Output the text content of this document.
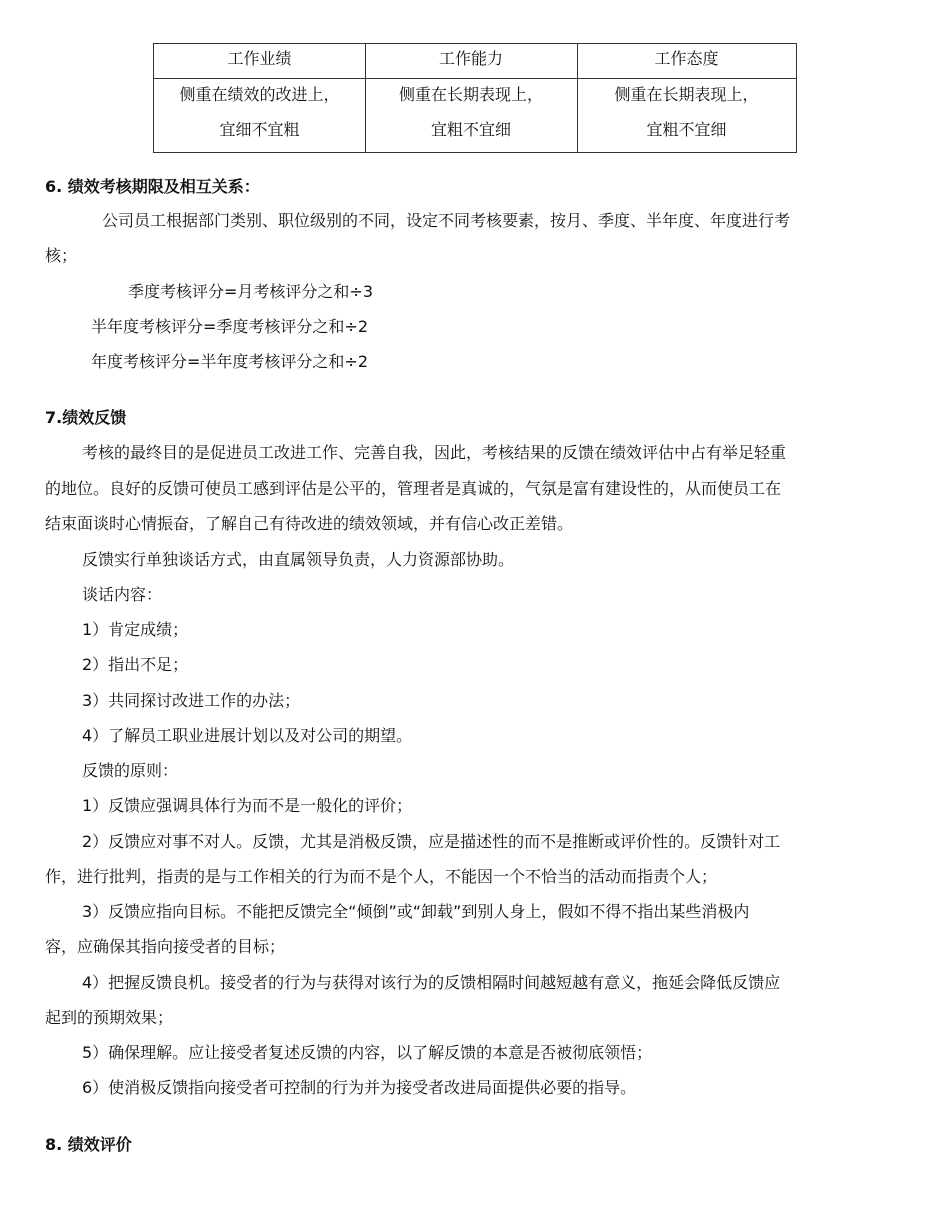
工作业绩	工作能力	工作态度
侧重在绩效的改进上，	侧重在长期表现上，	侧重在长期表现上，
宜细不宜粗	宜粗不宜细	宜粗不宜细
6. 绩效考核期限及相互关系：
公司员工根据部门类别、职位级别的不同，设定不同考核要素，按月、季度、半年度、年度进行考
核；
季度考核评分=月考核评分之和÷3
半年度考核评分=季度考核评分之和÷2
年度考核评分=半年度考核评分之和÷2
7.绩效反馈
考核的最终目的是促进员工改进工作、完善自我，因此，考核结果的反馈在绩效评估中占有举足轻重
的地位。良好的反馈可使员工感到评估是公平的，管理者是真诚的，气氛是富有建设性的，从而使员工在
结束面谈时心情振奋，了解自己有待改进的绩效领域，并有信心改正差错。
反馈实行单独谈话方式，由直属领导负责，人力资源部协助。
谈话内容：
1）肯定成绩；
2）指出不足；
3）共同探讨改进工作的办法；
4）了解员工职业进展计划以及对公司的期望。
反馈的原则：
1）反馈应强调具体行为而不是一般化的评价；
2）反馈应对事不对人。反馈，尤其是消极反馈，应是描述性的而不是推断或评价性的。反馈针对工
作，进行批判，指责的是与工作相关的行为而不是个人，不能因一个不恰当的活动而指责个人；
3）反馈应指向目标。不能把反馈完全“倾倒”或“卸载”到别人身上，假如不得不指出某些消极内
容，应确保其指向接受者的目标；
4）把握反馈良机。接受者的行为与获得对该行为的反馈相隔时间越短越有意义，拖延会降低反馈应
起到的预期效果；
5）确保理解。应让接受者复述反馈的内容，以了解反馈的本意是否被彻底领悟；
6）使消极反馈指向接受者可控制的行为并为接受者改进局面提供必要的指导。
8. 绩效评价
